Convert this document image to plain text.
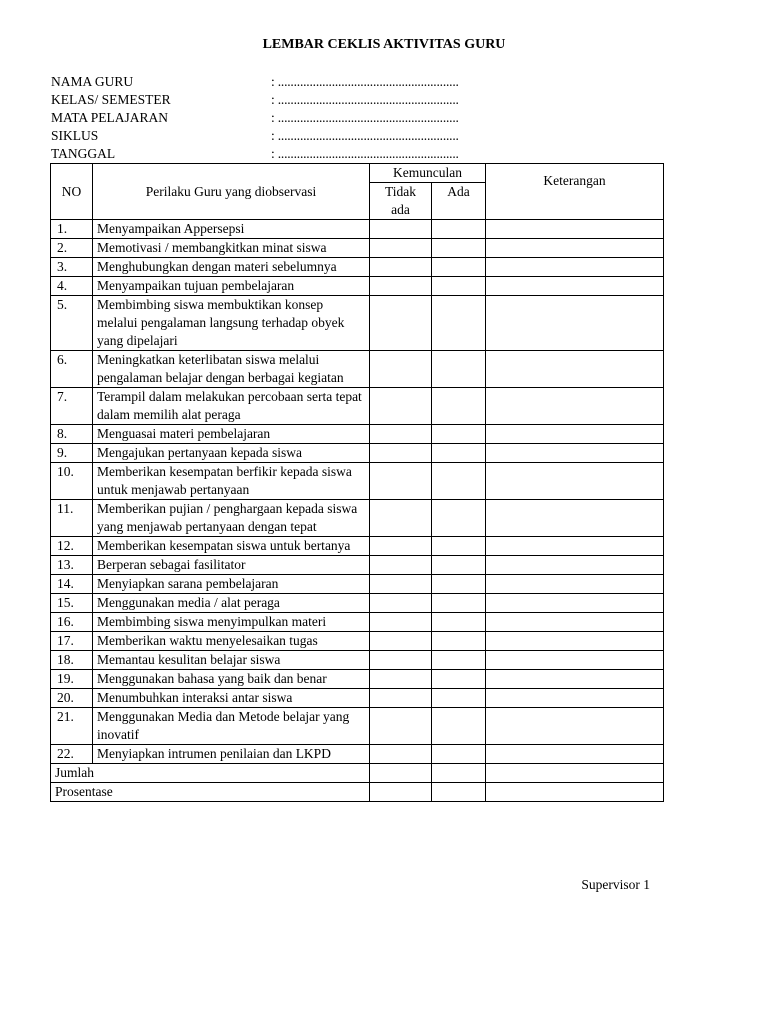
LEMBAR CEKLIS AKTIVITAS GURU
NAMA GURU	: .........................................................
KELAS/ SEMESTER	: .........................................................
MATA PELAJARAN	: .........................................................
SIKLUS	: .........................................................
TANGGAL	: .........................................................
NO	Perilaku Guru yang diobservasi	Kemunculan		Keterangan
		Tidak ada	Ada	
1.	Menyampaikan Appersepsi			
2.	Memotivasi / membangkitkan minat siswa			
3.	Menghubungkan dengan materi sebelumnya			
4.	Menyampaikan tujuan pembelajaran			
5.	Membimbing siswa membuktikan konsep melalui pengalaman langsung terhadap obyek yang dipelajari			
6.	Meningkatkan keterlibatan siswa melalui pengalaman belajar dengan berbagai kegiatan			
7.	Terampil dalam melakukan percobaan serta tepat dalam memilih alat peraga			
8.	Menguasai materi pembelajaran			
9.	Mengajukan pertanyaan kepada siswa			
10.	Memberikan kesempatan berfikir kepada siswa untuk menjawab pertanyaan			
11.	Memberikan pujian / penghargaan kepada siswa yang menjawab pertanyaan dengan tepat			
12.	Memberikan kesempatan siswa untuk bertanya			
13.	Berperan sebagai fasilitator			
14.	Menyiapkan sarana pembelajaran			
15.	Menggunakan media / alat peraga			
16.	Membimbing siswa menyimpulkan materi			
17.	Memberikan waktu menyelesaikan tugas			
18.	Memantau kesulitan belajar siswa			
19.	Menggunakan bahasa yang baik dan benar			
20.	Menumbuhkan interaksi antar siswa			
21.	Menggunakan Media dan Metode belajar yang inovatif			
22.	Menyiapkan intrumen penilaian dan LKPD			
Jumlah				
Prosentase				
Supervisor 1
